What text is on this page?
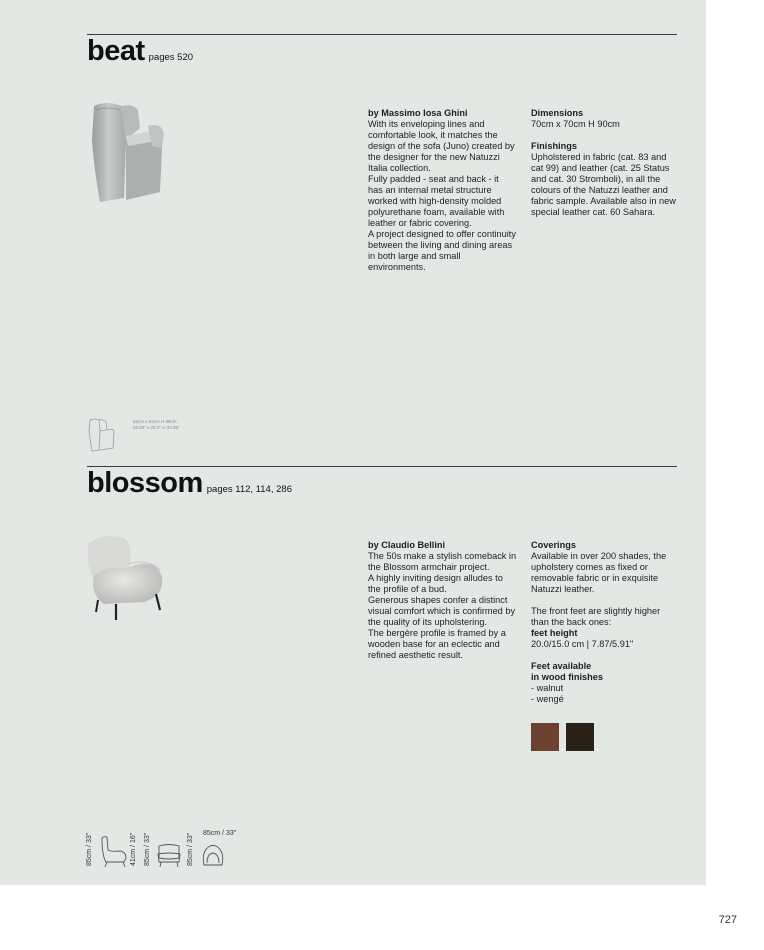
beat pages 520
by Massimo Iosa Ghini
With its enveloping lines and comfortable look, it matches the design of the sofa (Juno) created by the designer for the new Natuzzi Italia collection.
Fully padded - seat and back - it has an internal metal structure worked with high-density molded polyurethane foam, available with leather or fabric covering.
A project designed to offer continuity between the living and dining areas in both large and small environments.
Dimensions
70cm x 70cm H 90cm
Finishings
Upholstered in fabric (cat. 83 and cat 99) and leather (cat. 25 Status and cat. 30 Stromboli), in all the colours of the Natuzzi leather and fabric sample. Available also in new special leather cat. 60 Sahara.
65cm x 64cm H 88cm
25.59" x 25.2" H 34.65"
blossom pages 112, 114, 286
by Claudio Bellini
The 50s make a stylish comeback in the Blossom armchair project.
A highly inviting design alludes to the profile of a bud.
Generous shapes confer a distinct visual comfort which is confirmed by the quality of its upholstering.
The bergère profile is framed by a wooden base for an eclectic and refined aesthetic result.
Coverings
Available in over 200 shades, the upholstery comes as fixed or removable fabric or in exquisite Natuzzi leather.
The front feet are slightly higher than the back ones:
feet height
20.0/15.0 cm | 7.87/5.91"
Feet available
in wood finishes
- walnut
- wengé
85cm / 33"	41cm / 16" 85cm / 33"	85cm / 33" 85cm / 33"
727
